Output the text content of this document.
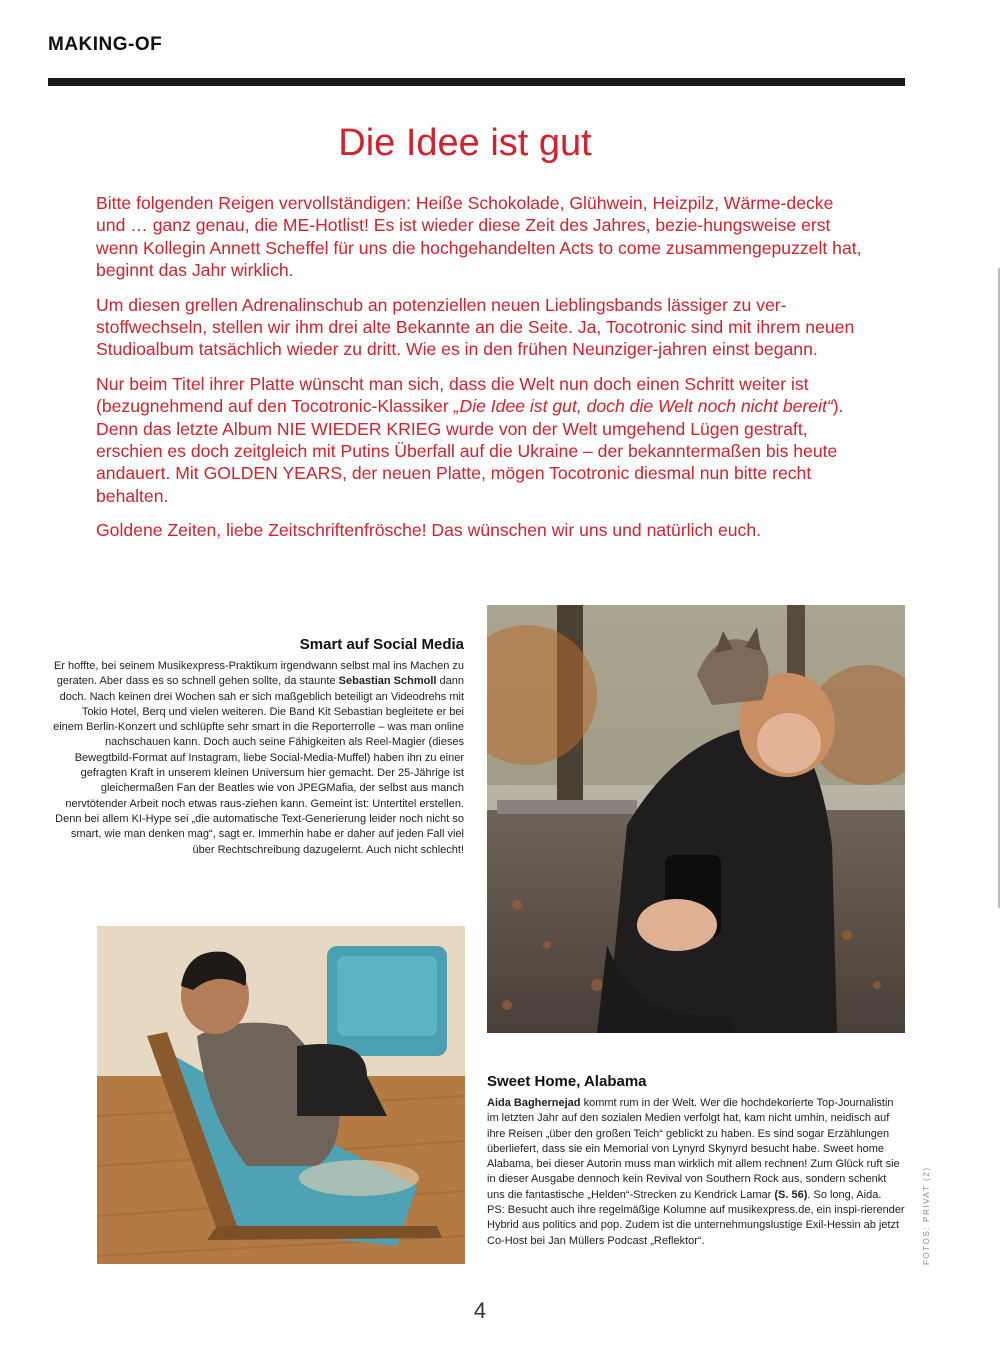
MAKING-OF
Die Idee ist gut

Bitte folgenden Reigen vervollständigen: Heiße Schokolade, Glühwein, Heizpilz, Wärme-decke und … ganz genau, die ME-Hotlist! Es ist wieder diese Zeit des Jahres, bezie-hungsweise erst wenn Kollegin Annett Scheffel für uns die hochgehandelten Acts to come zusammengepuzzelt hat, beginnt das Jahr wirklich.

Um diesen grellen Adrenalinschub an potenziellen neuen Lieblingsbands lässiger zu ver-stoffwechseln, stellen wir ihm drei alte Bekannte an die Seite. Ja, Tocotronic sind mit ihrem neuen Studioalbum tatsächlich wieder zu dritt. Wie es in den frühen Neunziger-jahren einst begann.

Nur beim Titel ihrer Platte wünscht man sich, dass die Welt nun doch einen Schritt weiter ist (bezugnehmend auf den Tocotronic-Klassiker „Die Idee ist gut, doch die Welt noch nicht bereit“). Denn das letzte Album NIE WIEDER KRIEG wurde von der Welt umgehend Lügen gestraft, erschien es doch zeitgleich mit Putins Überfall auf die Ukraine – der bekanntermaßen bis heute andauert. Mit GOLDEN YEARS, der neuen Platte, mögen Tocotronic diesmal nun bitte recht behalten.

Goldene Zeiten, liebe Zeitschriftenfrösche! Das wünschen wir uns und natürlich euch.

Smart auf Social Media
Er hoffte, bei seinem Musikexpress-Praktikum irgendwann selbst mal ins Machen zu geraten. Aber dass es so schnell gehen sollte, da staunte Sebastian Schmoll dann doch. Nach keinen drei Wochen sah er sich maßgeblich beteiligt an Videodrehs mit Tokio Hotel, Berq und vielen weiteren. Die Band Kit Sebastian begleitete er bei einem Berlin-Konzert und schlüpfte sehr smart in die Reporterrolle – was man online nachschauen kann. Doch auch seine Fähigkeiten als Reel-Magier (dieses Bewegtbild-Format auf Instagram, liebe Social-Media-Muffel) haben ihn zu einer gefragten Kraft in unserem kleinen Universum hier gemacht. Der 25-Jährige ist gleichermaßen Fan der Beatles wie von JPEGMafia, der selbst aus manch nervtötender Arbeit noch etwas raus-ziehen kann. Gemeint ist: Untertitel erstellen. Denn bei allem KI-Hype sei „die automatische Text-Generierung leider noch nicht so smart, wie man denken mag“, sagt er. Immerhin habe er daher auf jeden Fall viel über Rechtschreibung dazugelernt. Auch nicht schlecht!
Sweet Home, Alabama
Aida Baghernejad kommt rum in der Welt. Wer die hochdekorierte Top-Journalistin im letzten Jahr auf den sozialen Medien verfolgt hat, kam nicht umhin, neidisch auf ihre Reisen „über den großen Teich“ geblickt zu haben. Es sind sogar Erzählungen überliefert, dass sie ein Memorial von Lynyrd Skynyrd besucht habe. Sweet home Alabama, bei dieser Autorin muss man wirklich mit allem rechnen! Zum Glück ruft sie in dieser Ausgabe dennoch kein Revival von Southern Rock aus, sondern schenkt uns die fantastische „Helden“-Strecken zu Kendrick Lamar (S. 56). So long, Aida.
PS: Besucht auch ihre regelmäßige Kolumne auf musikexpress.de, ein inspi-rierender Hybrid aus politics and pop. Zudem ist die unternehmungslustige Exil-Hessin ab jetzt Co-Host bei Jan Müllers Podcast „Reflektor“.
4
FOTOS: PRIVAT (2)
